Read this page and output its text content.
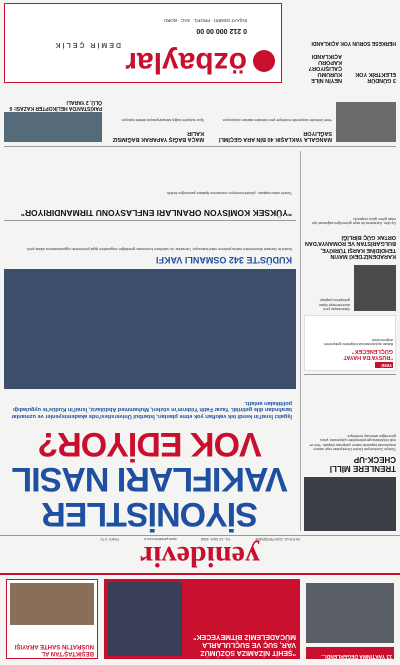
13 YAKTİNMA DEĞERLENDİ...
"ŞEHİT NİZAMIZA SÖZÜMÜZ VAR, SUÇ VE SUÇLULARLA MÜCADELEMİZ BİTMEYECEK"
BEŞİKTAŞ'TAN AL NUSRAT'IN SAHTE ARAYIŞI
yenidevir
26 EYLÜL 2024 PERŞEMBE
YIL: 15 SAYI: 4568
www.yenidevir.com.tr
FİYATI: 5 TL
TRENLERE MİLLİ CHECK-UP
Türkiye Cumhuriyeti Devlet Demiryolları raylı sistem araçlarında kapsamlı bakım çalışması başlattı. Yerli ve milli imkânlarla gerçekleştirilen çalışmalar, yolcu güvenliğini artırmayı hedefliyor.
YENİ
"RUSYA'DA HAYAT GÜÇLENECEK"
Bakan açıklamasında bölgedeki gelişmeleri değerlendirdi.
Vatandaşlar yeni düzenlemeye ilişkin görüşlerini paylaştı.
KARADENİZ'DEKİ MAYIN TEHDİDİNE KARŞI TÜRKİYE, BULGARİSTAN VE ROMANYA'DAN ORTAK GÜÇ BİRLİĞİ
Üç ülke, Karadeniz'de seyir güvenliğini sağlamak için ortak görev gücü oluşturdu.
SİYONİSTLER
VAKIFLARI NASIL
VOK EDİYOR?
İşgalci İsrail'in kendi tek vakıfları yok etme planları, İstanbul Üniversitesi'nde akademisyenler ve uzmanlar tarafından dile getirildi. Yazar Fatih Yıldırım'ın sözleri, Muhammed Abdülaziz, İsrail'in Kudüs'te uyguladığı politikaları anlattı.
KUDÜS'TE 342 OSMANLI VAKFI
Kudüs'te Osmanlı döneminden kalma yüzlerce vakıf bulunuyor. Uzmanlar, bu vakıfların korunması gerektiğini vurgularken işgal yönetiminin uygulamalarına dikkat çekti.
"YÜKSEK KOMİSYON ORANLARI ENFLASYONU TIRMANDIRIYOR"
Ticaret odası başkanı, yüksek komisyon oranlarının fiyatlara yansıdığını belirtti.
MANGALA YAKLAŞIK 40 BİN ARA GEÇİMLİ SAĞLIYOR
Yerel üreticiler kooperatif modeliyle yeni istihdam alanları oluşturuyor.
MAÇA BAĞIŞ YAPARAK BAĞIMSIZ KALIR
Spor kulüpleri bağış kampanyasıyla destek topluyor.
PAKİSTAN'DA HELİKOPTER KAZASI: 6 ÖLÜ, 2 YARALI
3 GÜNDÜR ELEKTRİK YOK
NEYİN NİLE KURUMU ÇALIŞIYOR? KAPORU AÇIKLANDI
HERKESE SORUN YOK AÇIKLANDI
özbaylar
DEMİR ÇELİK
0 212 000 00 00
İNŞAAT DEMİRİ · PROFİL · SAC · BORU
